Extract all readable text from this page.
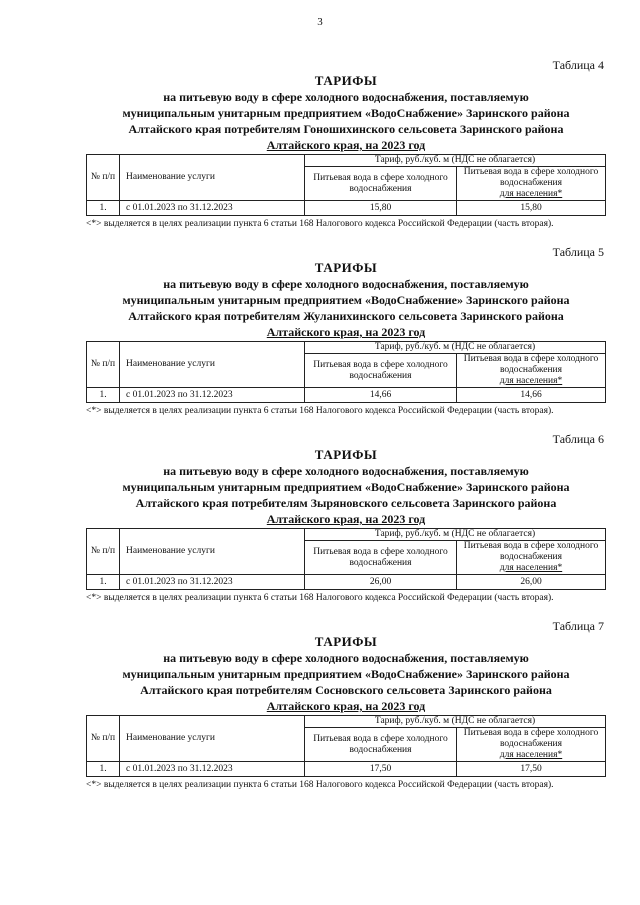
3
Таблица 4
ТАРИФЫ
на питьевую воду в сфере холодного водоснабжения, поставляемую
муниципальным унитарным предприятием «ВодоСнабжение» Заринского района
Алтайского края потребителям Гоношихинского сельсовета Заринского района
Алтайского края, на 2023 год
№ п/п	Наименование услуги	Тариф, руб./куб. м (НДС не облагается)	
		Питьевая вода в сфере холодного водоснабжения	Питьевая вода в сфере холодного водоснабжения
для населения*
1.	с 01.01.2023 по 31.12.2023	15,80	15,80
<*> выделяется в целях реализации пункта 6 статьи 168 Налогового кодекса Российской Федерации (часть вторая).
Таблица 5
ТАРИФЫ
на питьевую воду в сфере холодного водоснабжения, поставляемую
муниципальным унитарным предприятием «ВодоСнабжение» Заринского района
Алтайского края потребителям Жуланихинского сельсовета Заринского района
Алтайского края, на 2023 год
№ п/п	Наименование услуги	Тариф, руб./куб. м (НДС не облагается)	
		Питьевая вода в сфере холодного водоснабжения	Питьевая вода в сфере холодного водоснабжения
для населения*
1.	с 01.01.2023 по 31.12.2023	14,66	14,66
<*> выделяется в целях реализации пункта 6 статьи 168 Налогового кодекса Российской Федерации (часть вторая).
Таблица 6
ТАРИФЫ
на питьевую воду в сфере холодного водоснабжения, поставляемую
муниципальным унитарным предприятием «ВодоСнабжение» Заринского района
Алтайского края потребителям Зыряновского сельсовета Заринского района
Алтайского края, на 2023 год
№ п/п	Наименование услуги	Тариф, руб./куб. м (НДС не облагается)	
		Питьевая вода в сфере холодного водоснабжения	Питьевая вода в сфере холодного водоснабжения
для населения*
1.	с 01.01.2023 по 31.12.2023	26,00	26,00
<*> выделяется в целях реализации пункта 6 статьи 168 Налогового кодекса Российской Федерации (часть вторая).
Таблица 7
ТАРИФЫ
на питьевую воду в сфере холодного водоснабжения, поставляемую
муниципальным унитарным предприятием «ВодоСнабжение» Заринского района
Алтайского края потребителям Сосновского сельсовета Заринского района
Алтайского края, на 2023 год
№ п/п	Наименование услуги	Тариф, руб./куб. м (НДС не облагается)	
		Питьевая вода в сфере холодного водоснабжения	Питьевая вода в сфере холодного водоснабжения
для населения*
1.	с 01.01.2023 по 31.12.2023	17,50	17,50
<*> выделяется в целях реализации пункта 6 статьи 168 Налогового кодекса Российской Федерации (часть вторая).
